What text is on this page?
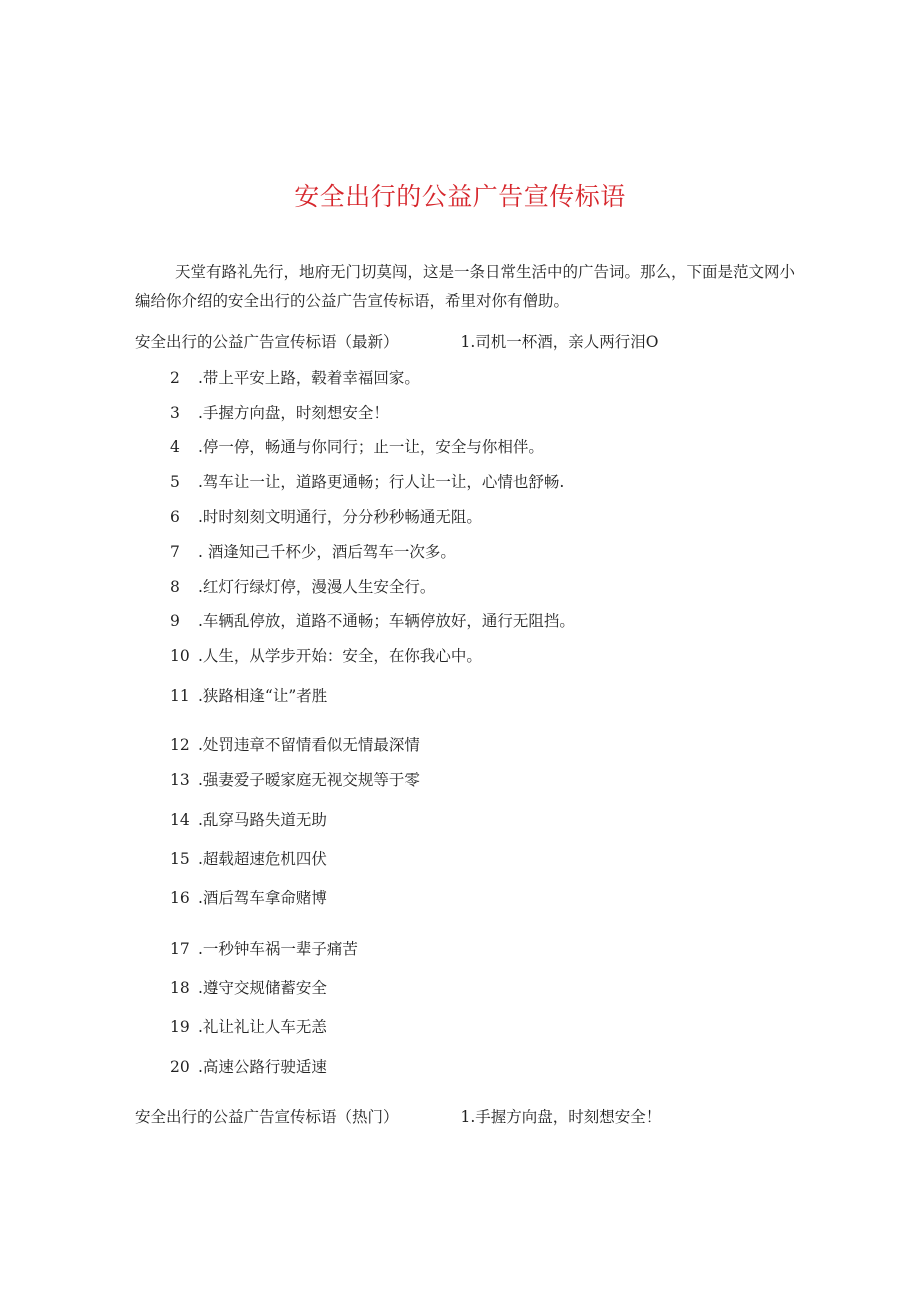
安全出行的公益广告宣传标语

天堂有路礼先行，地府无门切莫闯，这是一条日常生活中的广告词。那么，下面是范文网小编给你介绍的安全出行的公益广告宣传标语，希里对你有僧助。

安全出行的公益广告宣传标语（最新）	1.司机一杯酒，亲人两行泪O
2 .带上平安上路，毂着幸福回家。
3 .手握方向盘，时刻想安全！
4 .停一停，畅通与你同行；止一让，安全与你相伴。
5 .驾车让一让，道路更通畅；行人让一让，心情也舒畅.
6 .时时刻刻文明通行，分分秒秒畅通无阻。
7 . 酒逢知己千杯少，酒后驾车一次多。
8 .红灯行绿灯停，漫漫人生安全行。
9 .车辆乱停放，道路不通畅；车辆停放好，通行无阻挡。
10 .人生，从学步开始：安全，在你我心中。
11 .狭路相逢“让”者胜
12 .处罚违章不留情看似无情最深情
13 .强妻爱子暧家庭无视交规等于零
14 .乱穿马路失道无助
15 .超载超速危机四伏
16 .酒后驾车拿命赌博
17 .一秒钟车祸一辈子痛苦
18 .遵守交规储蓄安全
19 .礼让礼让人车无恙
20 .高速公路行驶适速
安全出行的公益广告宣传标语（热门）	1.手握方向盘，时刻想安全！
